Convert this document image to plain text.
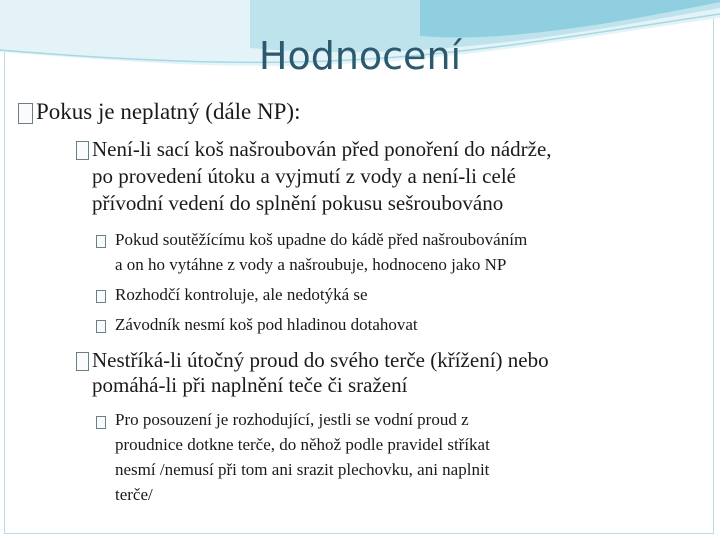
Hodnocení
Pokus je neplatný (dále NP):
Není-li sací koš našroubován před ponoření do nádrže,
po provedení útoku a vyjmutí z vody a není-li celé
přívodní vedení do splnění pokusu sešroubováno
Pokud soutěžícímu koš upadne do kádě před našroubováním
a on ho vytáhne z vody a našroubuje, hodnoceno jako NP
Rozhodčí kontroluje, ale nedotýká se
Závodník nesmí koš pod hladinou dotahovat
Nestříká-li útočný proud do svého terče (křížení) nebo
pomáhá-li při naplnění teče či sražení
Pro posouzení je rozhodující, jestli se vodní proud z
proudnice dotkne terče, do něhož podle pravidel stříkat
nesmí /nemusí při tom ani srazit plechovku, ani naplnit
terče/
